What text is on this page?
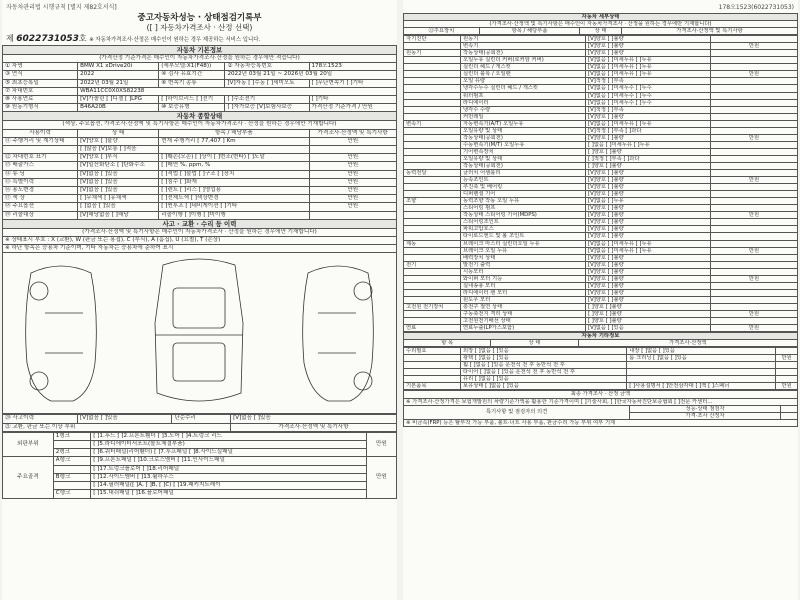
자동차관리법 시행규칙 [별지 제82호서식]
중고자동차성능 · 상태점검기록부
([ ] 자동차가격조사 · 산정 선택)
제 6022731053호 ※ 자동차가격조사·산정은 매수인이 원하는 경우 제공하는 서비스 입니다.
자동차 기본정보				
(가격산정 기준가격은 매수인이 자동차가격조사·산정을 원하는 경우에만 적습니다)				
① 차명	BMW X1 xDrive20i	(세부모델:X1(F48))	② 자동차등록번호	178오1523
③ 연식	2022	④ 검사 유효기간	2022년 03월 21일 ~ 2026년 03월 20일	
⑤ 최초등록일	2022년 03월 21일	⑥ 변속기 종류	[V]자동 [ ]수동 [ ]세미오토	[ ]무단변속기 [ ]기타
⑦ 차대번호	WBA11CC0X0XS82238			
⑧ 사용연료	[V]가솔린 [ ]디젤 [ ]LPG	[ ]하이브리드 [ ]전기	[ ]수소전기	[ ]기타
⑨ 원동기형식	B46A20B	⑩ 보증유형	[ ]자가보증 [V]보험사보증	가격산정 기준가격 / 만원
자동차 종합상태				
(색상, 주요옵션, 가격조사·산정액 및 특기사항은 매수인이 자동차가격조사 · 산정을 원하는 경우에만 기재합니다)				
사용이력	상 태	항목 / 해당부품		가격조사·산정액 및 특기사항
⑪ 주행거리 및 계기상태	[V]양호 [ ]불량	현재 주행거리 [ 77,407 ] Km		만원
	[ ]많음 [V]보통 [ ]적음			
⑫ 차대번호 표기	[V]양호 [ ]부식	[ ]훼손(오손) [ ]상이 [ ]변조(변타) [ ]도말		만원
⑬ 배출가스	[V]일산화탄소 [ ]탄화수소	[ ]매연 %, ppm, %		만원
⑭ 튜 닝	[V]없음 [ ]있음	[ ]적법 [ ]불법 [ ]구조 [ ]장치		만원
⑮ 특별이력	[V]없음 [ ]있음	[ ]침수 [ ]화재		만원
⑯ 용도변경	[V]없음 [ ]있음	[ ]렌트 [ ]리스 [ ]영업용		만원
⑰ 색 상	[ ]무채색 [ ]유채색	[ ]전체도색 [ ]색상변경		만원
⑱ 주요옵션	[ ]없음 [ ]있음	[ ]썬루프 [ ]네비게이션 [ ]기타		만원
⑲ 리콜대상	[V]해당없음 [ ]해당	리콜이행 [ ]이행 [ ]미이행		
사고 · 교환 · 수리 등 이력				
(가격조사·산정액 및 특기사항은 매수인이 자동차가격조사 · 산정을 원하는 경우에만 기재합니다)				
※ 상태표시 부호 : X (교환), W (판금 또는 용접), C (부식), A (흠집), U (요철), T (손상)				
※ 하단 항목은 승용차 기준이며, 기타 자동차는 승용차에 준하여 표시				
⑳ 사고이력	[V]없음 [ ]있음	단순수리	[V]없음 [ ]있음
㉑ 교환, 판금 또는 이상 부위			가격조사·산정액 및 특기사항
외판부위	1랭크	[ ]1.후드 [ ]2.프론트휀더 [ ]3.도어 [ ]4.트렁크 리드	만원
		[ ]5.라디에이터서포트(볼트체결부품)	
	2랭크	[ ]6.쿼터패널(리어휀더) [ ]7.루프패널 [ ]8.사이드실패널	
주요골격	A랭크	[ ]9.프론트패널 [ ]10.크로스멤버 [ ]11.인사이드패널	만원
		[ ]17.트렁크플로어 [ ]18.리어패널	
	B랭크	[ ]12.사이드멤버 [ ]13.휠하우스	
		[ ]14.필러패널([ ]A, [ ]B, [ ]C) [ ]19.패키지트레이	
	C랭크	[ ]15.대쉬패널 [ ]16.플로어패널	
178오1523(6022731053)
자동차 세부상태
(가격조사·산정액 및 특기사항은 매수인이 자동차가격조사 · 산정을 원하는 경우에만 기재합니다)
㉒주요장치	항목 / 해당부품	상 태	가격조사·산정액 및 특기사항
자기진단	원동기	[V]양호 [ ]불량	
	변속기	[V]양호 [ ]불량	만원
원동기	작동상태(공회전)	[V]양호 [ ]불량	
	오일누유 실린더 커버(로커암 커버)	[V]없음 [ ]미세누유 [ ]누유	
	실린더 헤드 / 개스킷	[V]없음 [ ]미세누유 [ ]누유	
	실린더 블록 / 오일팬	[V]없음 [ ]미세누유 [ ]누유	만원
	오일 유량	[V]적정 [ ]부족	
	냉각수누수 실린더 헤드 / 개스킷	[V]없음 [ ]미세누수 [ ]누수	
	워터펌프	[V]없음 [ ]미세누수 [ ]누수	
	라디에이터	[V]없음 [ ]미세누수 [ ]누수	
	냉각수 수량	[V]적정 [ ]부족	
	커먼레일	[V]양호 [ ]불량	
변속기	자동변속기(A/T) 오일누유	[V]없음 [ ]미세누유 [ ]누유	
	오일유량 및 상태	[V]적정 [ ]부족 [ ]과다	
	작동상태(공회전)	[V]양호 [ ]불량	만원
	수동변속기(M/T) 오일누유	[ ]없음 [ ]미세누유 [ ]누유	
	기어변속장치	[ ]양호 [ ]불량	
	오일유량 및 상태	[ ]적정 [ ]부족 [ ]과다	
	작동상태(공회전)	[ ]양호 [ ]불량	
동력전달	클러치 어셈블리	[V]양호 [ ]불량	
	등속조인트	[V]양호 [ ]불량	만원
	추진축 및 베어링	[V]양호 [ ]불량	
	디퍼렌셜 기어	[V]양호 [ ]불량	
조향	동력조향 작동 오일 누유	[V]없음 [ ]누유	
	스티어링 펌프	[V]양호 [ ]불량	
	작동상태 스티어링 기어(MDPS)	[V]양호 [ ]불량	만원
	스티어링조인트	[V]양호 [ ]불량	
	파워고압호스	[V]양호 [ ]불량	
	타이로드엔드 및 볼 조인트	[V]양호 [ ]불량	
제동	브레이크 마스터 실린더오일 누유	[V]없음 [ ]미세누유 [ ]누유	
	브레이크 오일 누유	[V]없음 [ ]미세누유 [ ]누유	만원
	배력장치 상태	[V]양호 [ ]불량	
전기	발전기 출력	[V]양호 [ ]불량	
	시동모터	[V]양호 [ ]불량	
	와이퍼 모터 기능	[V]양호 [ ]불량	만원
	실내송풍 모터	[V]양호 [ ]불량	
	라디에이터 팬 모터	[V]양호 [ ]불량	
	윈도우 모터	[V]양호 [ ]불량	
고전원 전기장치	충전구 절연 상태	[ ]양호 [ ]불량	
	구동축전지 격리 상태	[ ]양호 [ ]불량	만원
	고전원전기배선 상태	[ ]양호 [ ]불량	
연료	연료누출(LP가스포함)	[V]없음 [ ]있음	만원
자동차 기타정보
항 목	상 태	가격조사·산정액
수리필요	외장 [ ]없음 [ ]있음	내장 [ ]없음 [ ]있음	
	광택 [ ]없음 [ ]있음	룸 크리닝 [ ]없음 [ ]있음	만원
	휠 [ ]없음 [ ]있음 운전석 전 후 동반석 전 후		
	타이어 [ ]없음 [ ]있음 운전석 전 후 동반석 전 후		
	유리 [ ]없음 [ ]있음		
기본품목	보유상태 [ ]없음 [ ]있음	[ ]사용설명서 [ ]안전삼각대 [ ]잭 [ ]스패너	만원
최종 가격조사 · 산정 금액		
※ 가격조사·산정가격은 보험개발원의 차량기준가액을 활용한 기준가격이며 [ ]기술사회, [ ]한국자동차진단보증협회 [ ]전문 카센터...		
특기사항 및 점검자의 의견	성능·상태 점검자	
	가격·조사 산정자	
※ 비금속(FRP) 등은 탈부착 가능 부품, 볼트·너트 사용 부품, 판금수리 가능 부위 여부 기재		
